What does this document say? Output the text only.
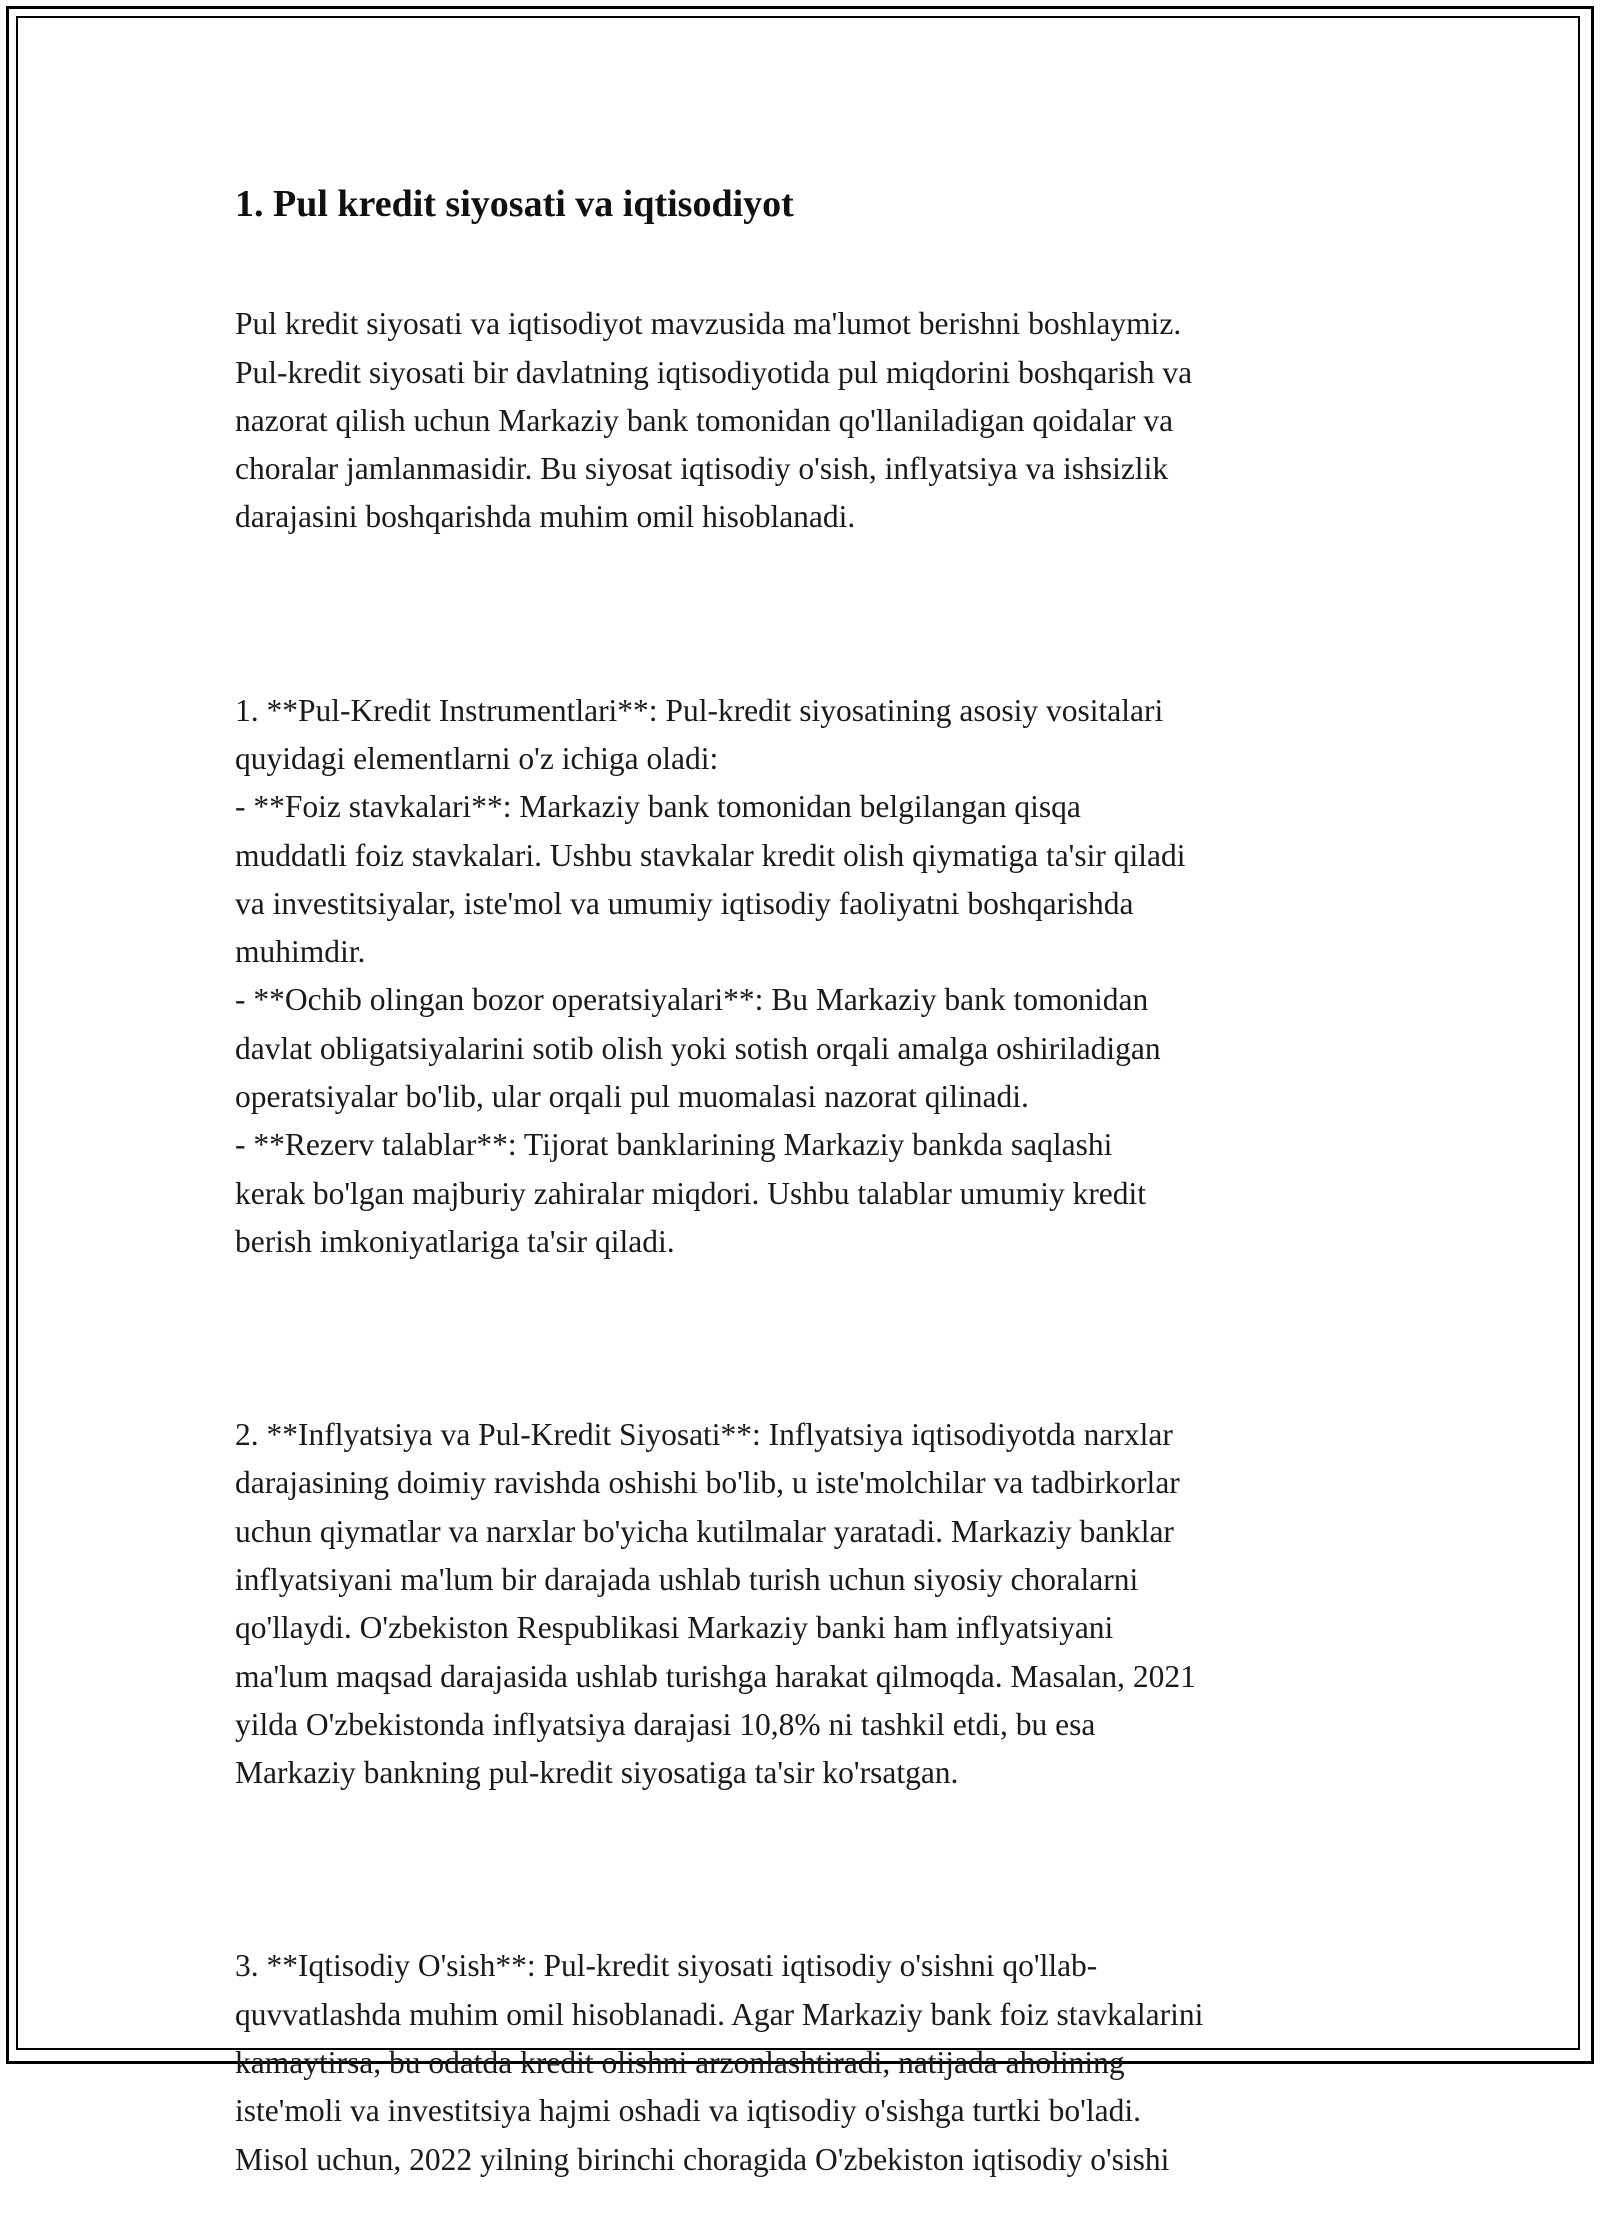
1. Pul kredit siyosati va iqtisodiyot

Pul kredit siyosati va iqtisodiyot mavzusida ma'lumot berishni boshlaymiz.
Pul-kredit siyosati bir davlatning iqtisodiyotida pul miqdorini boshqarish va
nazorat qilish uchun Markaziy bank tomonidan qo'llaniladigan qoidalar va
choralar jamlanmasidir. Bu siyosat iqtisodiy o'sish, inflyatsiya va ishsizlik
darajasini boshqarishda muhim omil hisoblanadi.

1. **Pul-Kredit Instrumentlari**: Pul-kredit siyosatining asosiy vositalari
quyidagi elementlarni o'z ichiga oladi:
- **Foiz stavkalari**: Markaziy bank tomonidan belgilangan qisqa
muddatli foiz stavkalari. Ushbu stavkalar kredit olish qiymatiga ta'sir qiladi
va investitsiyalar, iste'mol va umumiy iqtisodiy faoliyatni boshqarishda
muhimdir.
- **Ochib olingan bozor operatsiyalari**: Bu Markaziy bank tomonidan
davlat obligatsiyalarini sotib olish yoki sotish orqali amalga oshiriladigan
operatsiyalar bo'lib, ular orqali pul muomalasi nazorat qilinadi.
- **Rezerv talablar**: Tijorat banklarining Markaziy bankda saqlashi
kerak bo'lgan majburiy zahiralar miqdori. Ushbu talablar umumiy kredit
berish imkoniyatlariga ta'sir qiladi.

2. **Inflyatsiya va Pul-Kredit Siyosati**: Inflyatsiya iqtisodiyotda narxlar
darajasining doimiy ravishda oshishi bo'lib, u iste'molchilar va tadbirkorlar
uchun qiymatlar va narxlar bo'yicha kutilmalar yaratadi. Markaziy banklar
inflyatsiyani ma'lum bir darajada ushlab turish uchun siyosiy choralarni
qo'llaydi. O'zbekiston Respublikasi Markaziy banki ham inflyatsiyani
ma'lum maqsad darajasida ushlab turishga harakat qilmoqda. Masalan, 2021
yilda O'zbekistonda inflyatsiya darajasi 10,8% ni tashkil etdi, bu esa
Markaziy bankning pul-kredit siyosatiga ta'sir ko'rsatgan.

3. **Iqtisodiy O'sish**: Pul-kredit siyosati iqtisodiy o'sishni qo'llab-
quvvatlashda muhim omil hisoblanadi. Agar Markaziy bank foiz stavkalarini
kamaytirsa, bu odatda kredit olishni arzonlashtiradi, natijada aholining
iste'moli va investitsiya hajmi oshadi va iqtisodiy o'sishga turtki bo'ladi.
Misol uchun, 2022 yilning birinchi choragida O'zbekiston iqtisodiy o'sishi
